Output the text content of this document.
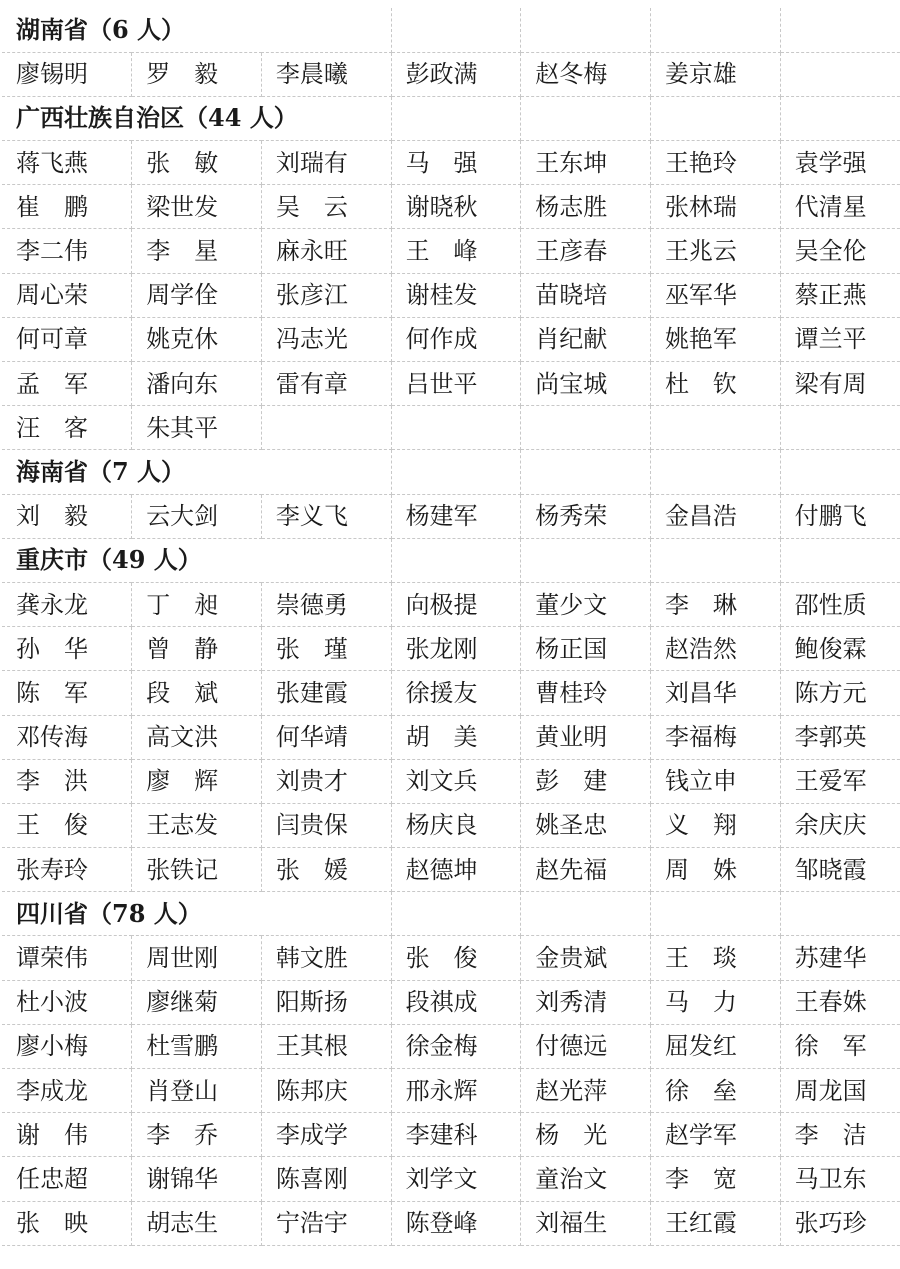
湖南省（6 人）						
廖锡明	罗　毅	李晨曦	彭政满	赵冬梅	姜京雄	
广西壮族自治区（44 人）						
蒋飞燕	张　敏	刘瑞有	马　强	王东坤	王艳玲	袁学强
崔　鹏	梁世发	吴　云	谢晓秋	杨志胜	张林瑞	代清星
李二伟	李　星	麻永旺	王　峰	王彦春	王兆云	吴全伦
周心荣	周学佺	张彦江	谢桂发	苗晓培	巫军华	蔡正燕
何可章	姚克休	冯志光	何作成	肖纪献	姚艳军	谭兰平
孟　军	潘向东	雷有章	吕世平	尚宝城	杜　钦	梁有周
汪　客	朱其平					
海南省（7 人）						
刘　毅	云大剑	李义飞	杨建军	杨秀荣	金昌浩	付鹏飞
重庆市（49 人）						
龚永龙	丁　昶	崇德勇	向极提	董少文	李　琳	邵性质
孙　华	曾　静	张　瑾	张龙刚	杨正国	赵浩然	鲍俊霖
陈　军	段　斌	张建霞	徐援友	曹桂玲	刘昌华	陈方元
邓传海	高文洪	何华靖	胡　美	黄业明	李福梅	李郭英
李　洪	廖　辉	刘贵才	刘文兵	彭　建	钱立申	王爱军
王　俊	王志发	闫贵保	杨庆良	姚圣忠	义　翔	余庆庆
张寿玲	张铁记	张　媛	赵德坤	赵先福	周　姝	邹晓霞
四川省（78 人）						
谭荣伟	周世刚	韩文胜	张　俊	金贵斌	王　琰	苏建华
杜小波	廖继菊	阳斯扬	段祺成	刘秀清	马　力	王春姝
廖小梅	杜雪鹏	王其根	徐金梅	付德远	屈发红	徐　军
李成龙	肖登山	陈邦庆	邢永辉	赵光萍	徐　垒	周龙国
谢　伟	李　乔	李成学	李建科	杨　光	赵学军	李　洁
任忠超	谢锦华	陈喜刚	刘学文	童治文	李　宽	马卫东
张　映	胡志生	宁浩宇	陈登峰	刘福生	王红霞	张巧珍
